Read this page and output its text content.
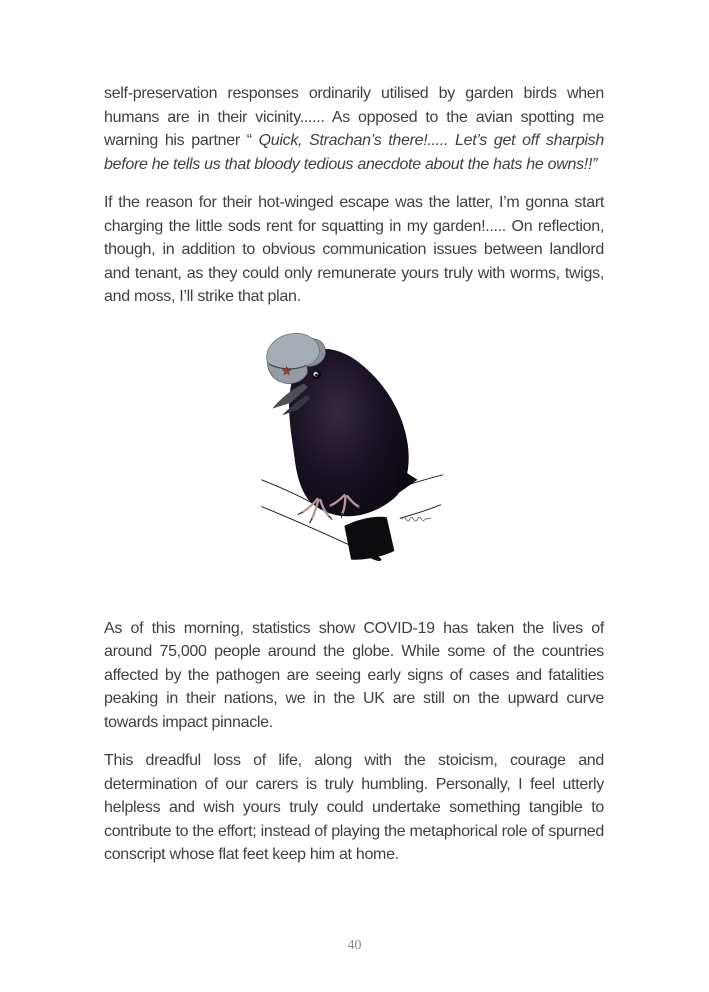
self-preservation responses ordinarily utilised by garden birds when humans are in their vicinity...... As opposed to the avian spotting me warning his partner “ Quick, Strachan’s there!..... Let’s get off sharpish before he tells us that bloody tedious anecdote about the hats he owns!!”

If the reason for their hot-winged escape was the latter, I’m gonna start charging the little sods rent for squatting in my garden!..... On reflection, though, in addition to obvious communication issues between landlord and tenant, as they could only remunerate yours truly with worms, twigs, and moss, I’ll strike that plan.

As of this morning, statistics show COVID-19 has taken the lives of around 75,000 people around the globe. While some of the countries affected by the pathogen are seeing early signs of cases and fatalities peaking in their nations, we in the UK are still on the upward curve towards impact pinnacle.

This dreadful loss of life, along with the stoicism, courage and determination of our carers is truly humbling. Personally, I feel utterly helpless and wish yours truly could undertake something tangible to contribute to the effort; instead of playing the metaphorical role of spurned conscript whose flat feet keep him at home.

40
